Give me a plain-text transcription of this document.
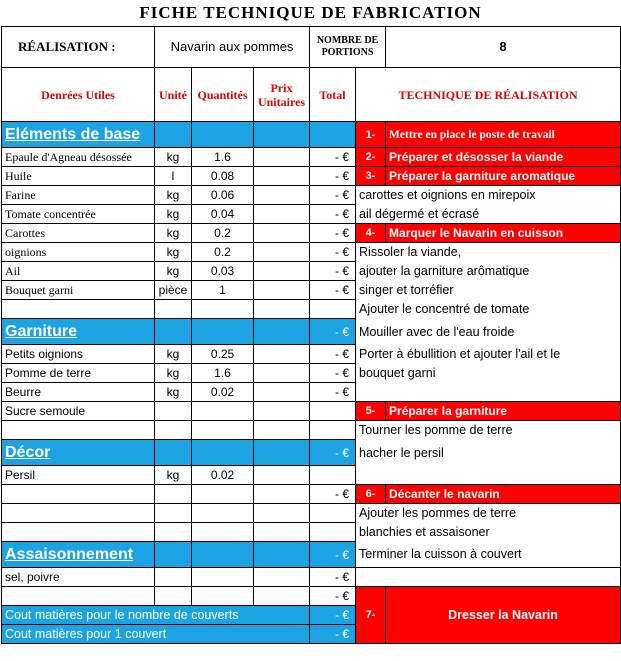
FICHE TECHNIQUE DE FABRICATION
RÉALISATION :	Navarin aux pommes			NOMBRE DE PORTIONS		8
Denrées Utiles	Unité	Quantités	Prix Unitaires	Total	TECHNIQUE DE RÉALISATION	
Eléments de base					1-	Mettre en place le poste de travail
Epaule d'Agneau désossée	kg	1.6		- €	2-	Préparer et désosser la viande
Huile	l	0.08		- €	3-	Préparer la garniture aromatique
Farine	kg	0.06		- €	carottes et oignions en mirepoix	
Tomate concentrée	kg	0.04		- €	ail dégermé et écrasé	
Carottes	kg	0.2		- €	4-	Marquer le Navarin en cuisson
oignions	kg	0.2		- €	Rissoler la viande,	
Ail	kg	0.03		- €	ajouter la garniture arômatique	
Bouquet garni	pièce	1		- €	singer et torréfier	
					Ajouter le concentré de tomate	
Garniture				- €	Mouiller avec de l'eau froide	
Petits oignions	kg	0.25		- €	Porter à ébullition et ajouter l'ail et le	
Pomme de terre	kg	1.6		- €	bouquet garni	
Beurre	kg	0.02		- €		
Sucre semoule					5-	Préparer la garniture
					Tourner les pomme de terre	
Décor				- €	hacher le persil	
Persil	kg	0.02				
				- €	6-	Décanter le navarin
					Ajouter les pommes de terre	
					blanchies et assaisoner	
Assaisonnement				- €	Terminer la cuisson à couvert	
sel, poivre				- €		
				- €	7-	Dresser la Navarin
Cout matières pour le nombre de couverts				- €		
Cout matières pour 1 couvert				- €		
